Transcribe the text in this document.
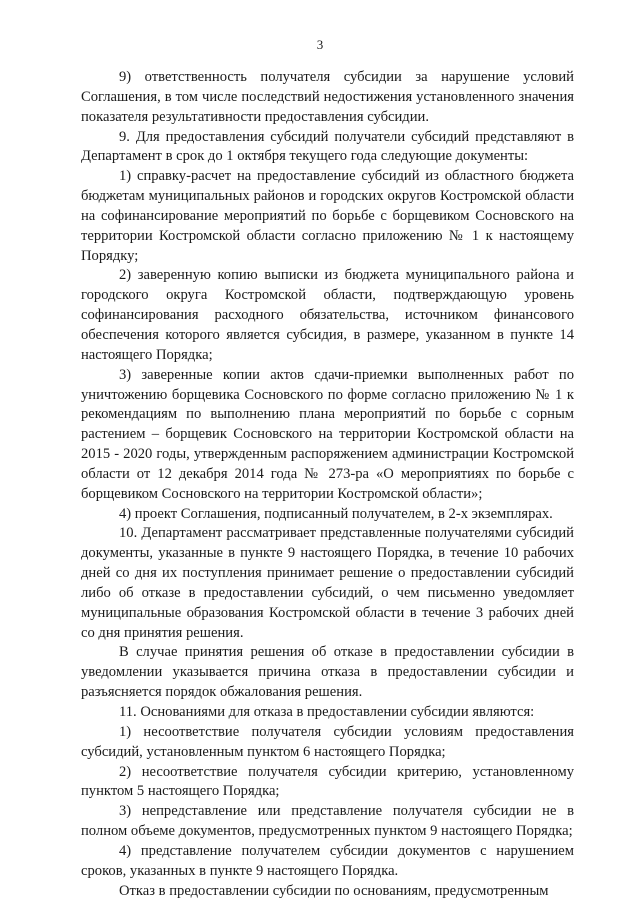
3

9) ответственность получателя субсидии за нарушение условий Соглашения, в том числе последствий недостижения установленного значения показателя результативности предоставления субсидии.

9. Для предоставления субсидий получатели субсидий представляют в Департамент в срок до 1 октября текущего года следующие документы:

1) справку-расчет на предоставление субсидий из областного бюджета бюджетам муниципальных районов и городских округов Костромской области на софинансирование мероприятий по борьбе с борщевиком Сосновского на территории Костромской области согласно приложению № 1 к настоящему Порядку;

2) заверенную копию выписки из бюджета муниципального района и городского округа Костромской области, подтверждающую уровень софинансирования расходного обязательства, источником финансового обеспечения которого является субсидия, в размере, указанном в пункте 14 настоящего Порядка;

3) заверенные копии актов сдачи-приемки выполненных работ по уничтожению борщевика Сосновского по форме согласно приложению № 1 к рекомендациям по выполнению плана мероприятий по борьбе с сорным растением – борщевик Сосновского на территории Костромской области на 2015 - 2020 годы, утвержденным распоряжением администрации Костромской области от 12 декабря 2014 года № 273-ра «О мероприятиях по борьбе с борщевиком Сосновского на территории Костромской области»;

4) проект Соглашения, подписанный получателем, в 2-х экземплярах.

10. Департамент рассматривает представленные получателями субсидий документы, указанные в пункте 9 настоящего Порядка, в течение 10 рабочих дней со дня их поступления принимает решение о предоставлении субсидий либо об отказе в предоставлении субсидий, о чем письменно уведомляет муниципальные образования Костромской области в течение 3 рабочих дней со дня принятия решения.

В случае принятия решения об отказе в предоставлении субсидии в уведомлении указывается причина отказа в предоставлении субсидии и разъясняется порядок обжалования решения.

11. Основаниями для отказа в предоставлении субсидии являются:

1) несоответствие получателя субсидии условиям предоставления субсидий, установленным пунктом 6 настоящего Порядка;

2) несоответствие получателя субсидии критерию, установленному пунктом 5 настоящего Порядка;

3) непредставление или представление получателя субсидии не в полном объеме документов, предусмотренных пунктом 9 настоящего Порядка;

4) представление получателем субсидии документов с нарушением сроков, указанных в пункте 9 настоящего Порядка.

Отказ в предоставлении субсидии по основаниям, предусмотренным
